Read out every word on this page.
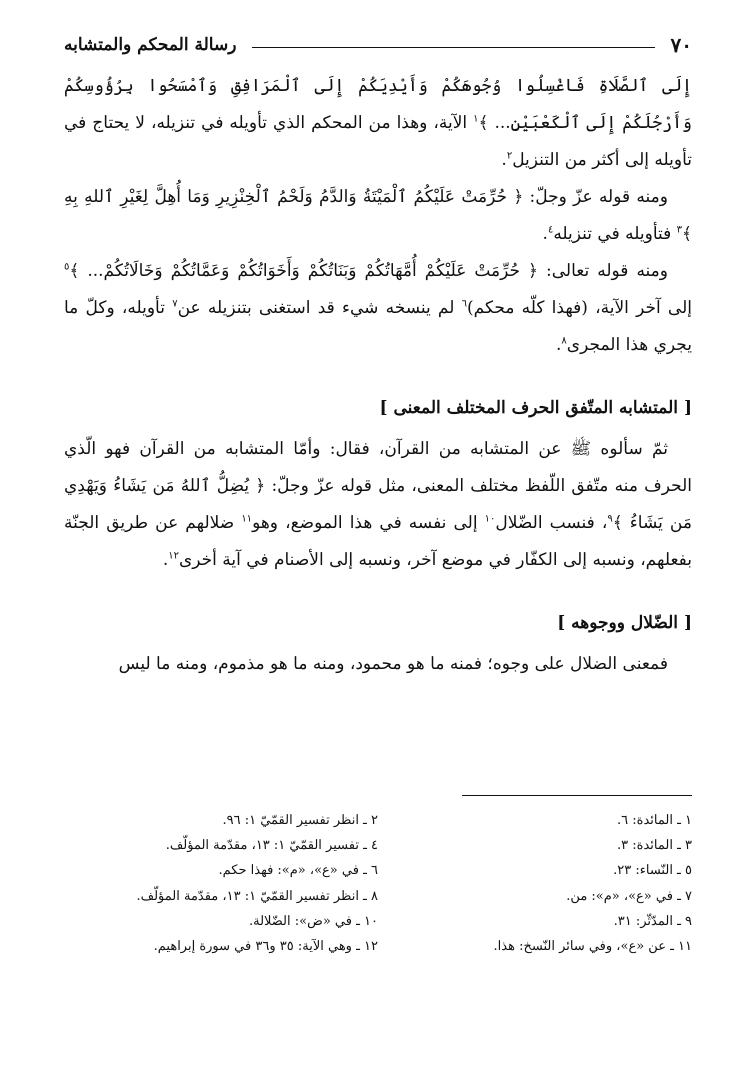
٧٠
رسالة المحكم والمتشابه

إِلَى ٱلصَّلَاةِ فَاغْسِلُوا وُجُوهَكُمْ وَأَيْدِيَكُمْ إِلَى ٱلْمَرَافِقِ وَٱمْسَحُوا بِرُؤُوسِكُمْ وَأَرْجُلَكُمْ إِلَى ٱلْكَعْبَيْنِ... ﴾$^١$ الآية، وهذا من المحكم الذي تأويله في تنزيله، لا يحتاج في تأويله إلى أكثر من التنزيل$^٢$.

ومنه قوله عزّ وجلّ: ﴿ حُرِّمَتْ عَلَيْكُمُ ٱلْمَيْتَةُ وَالدَّمُ وَلَحْمُ ٱلْخِنْزِيرِ وَمَا أُهِلَّ لِغَيْرِ ٱللهِ بِهِ ﴾$^٣$ فتأويله في تنزيله$^٤$.

ومنه قوله تعالى: ﴿ حُرِّمَتْ عَلَيْكُمْ أُمَّهَاتُكُمْ وَبَنَاتُكُمْ وَأَخَوَاتُكُمْ وَعَمَّاتُكُمْ وَخَالَاتُكُمْ... ﴾$^٥$ إلى آخر الآية، (فهذا كلّه محكم)$^٦$ لم ينسخه شيء قد استغنى بتنزيله عن$^٧$ تأويله، وكلّ ما يجري هذا المجرى$^٨$.

[ المتشابه المتّفق الحرف المختلف المعنى ]

ثمّ سألوه ﷺ عن المتشابه من القرآن، فقال: وأمّا المتشابه من القرآن فهو الّذي الحرف منه متّفق اللّفظ مختلف المعنى، مثل قوله عزّ وجلّ: ﴿ يُضِلُّ ٱللهُ مَن يَشَاءُ وَيَهْدِي مَن يَشَاءُ ﴾$^٩$، فنسب الضّلال$^{١٠}$ إلى نفسه في هذا الموضع، وهو$^{١١}$ ضلالهم عن طريق الجنّة بفعلهم، ونسبه إلى الكفّار في موضع آخر، ونسبه إلى الأصنام في آية أخرى$^{١٢}$.

[ الضّلال ووجوهه ]

فمعنى الضلال على وجوه؛ فمنه ما هو محمود، ومنه ما هو مذموم، ومنه ما ليس

١ ـ المائدة: ٦.
٢ ـ انظر تفسير القمّيّ ١: ٩٦.
٣ ـ المائدة: ٣.
٤ ـ تفسير القمّيّ ١: ١٣، مقدّمة المؤلّف.
٥ ـ النّساء: ٢٣.
٦ ـ في «ع»، «م»: فهذا حكم.
٧ ـ في «ع»، «م»: من.
٨ ـ انظر تفسير القمّيّ ١: ١٣، مقدّمة المؤلّف.
٩ ـ المدّثّر: ٣١.
١٠ ـ في «ض»: الضّلالة.
١١ ـ عن «ع»، وفي سائر النّسخ: هذا.
١٢ ـ وهي الآية: ٣٥ و٣٦ في سورة إبراهيم.
